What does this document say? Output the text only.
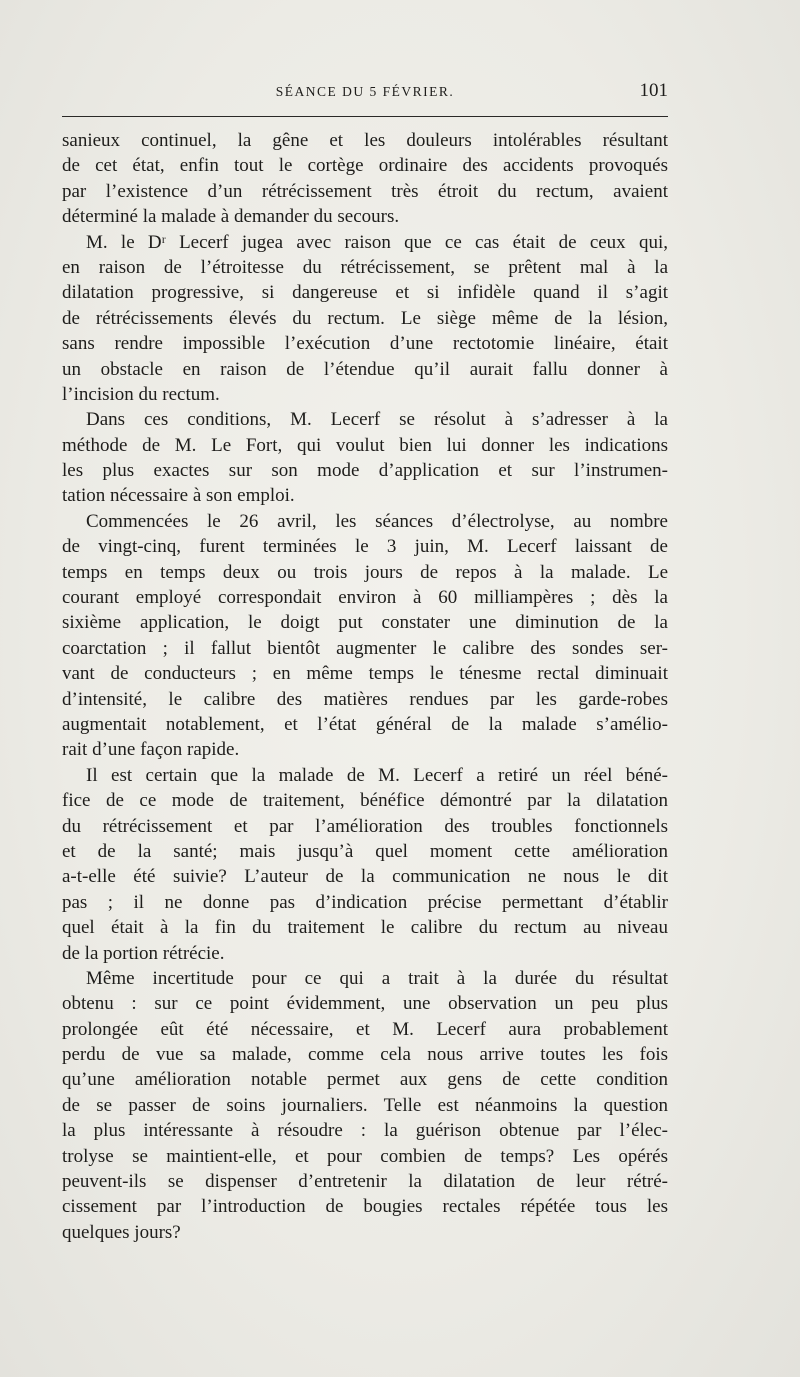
SÉANCE DU 5 FÉVRIER.	101
sanieux continuel, la gêne et les douleurs intolérables résultant
de cet état, enfin tout le cortège ordinaire des accidents provoqués
par l’existence d’un rétrécissement très étroit du rectum, avaient
déterminé la malade à demander du secours.
M. le Dʳ Lecerf jugea avec raison que ce cas était de ceux qui,
en raison de l’étroitesse du rétrécissement, se prêtent mal à la
dilatation progressive, si dangereuse et si infidèle quand il s’agit
de rétrécissements élevés du rectum. Le siège même de la lésion,
sans rendre impossible l’exécution d’une rectotomie linéaire, était
un obstacle en raison de l’étendue qu’il aurait fallu donner à
l’incision du rectum.
Dans ces conditions, M. Lecerf se résolut à s’adresser à la
méthode de M. Le Fort, qui voulut bien lui donner les indications
les plus exactes sur son mode d’application et sur l’instrumen-
tation nécessaire à son emploi.
Commencées le 26 avril, les séances d’électrolyse, au nombre
de vingt-cinq, furent terminées le 3 juin, M. Lecerf laissant de
temps en temps deux ou trois jours de repos à la malade. Le
courant employé correspondait environ à 60 milliampères ; dès la
sixième application, le doigt put constater une diminution de la
coarctation ; il fallut bientôt augmenter le calibre des sondes ser-
vant de conducteurs ; en même temps le ténesme rectal diminuait
d’intensité, le calibre des matières rendues par les garde-robes
augmentait notablement, et l’état général de la malade s’amélio-
rait d’une façon rapide.
Il est certain que la malade de M. Lecerf a retiré un réel béné-
fice de ce mode de traitement, bénéfice démontré par la dilatation
du rétrécissement et par l’amélioration des troubles fonctionnels
et de la santé; mais jusqu’à quel moment cette amélioration
a-t-elle été suivie? L’auteur de la communication ne nous le dit
pas ; il ne donne pas d’indication précise permettant d’établir
quel était à la fin du traitement le calibre du rectum au niveau
de la portion rétrécie.
Même incertitude pour ce qui a trait à la durée du résultat
obtenu : sur ce point évidemment, une observation un peu plus
prolongée eût été nécessaire, et M. Lecerf aura probablement
perdu de vue sa malade, comme cela nous arrive toutes les fois
qu’une amélioration notable permet aux gens de cette condition
de se passer de soins journaliers. Telle est néanmoins la question
la plus intéressante à résoudre : la guérison obtenue par l’élec-
trolyse se maintient-elle, et pour combien de temps? Les opérés
peuvent-ils se dispenser d’entretenir la dilatation de leur rétré-
cissement par l’introduction de bougies rectales répétée tous les
quelques jours?
